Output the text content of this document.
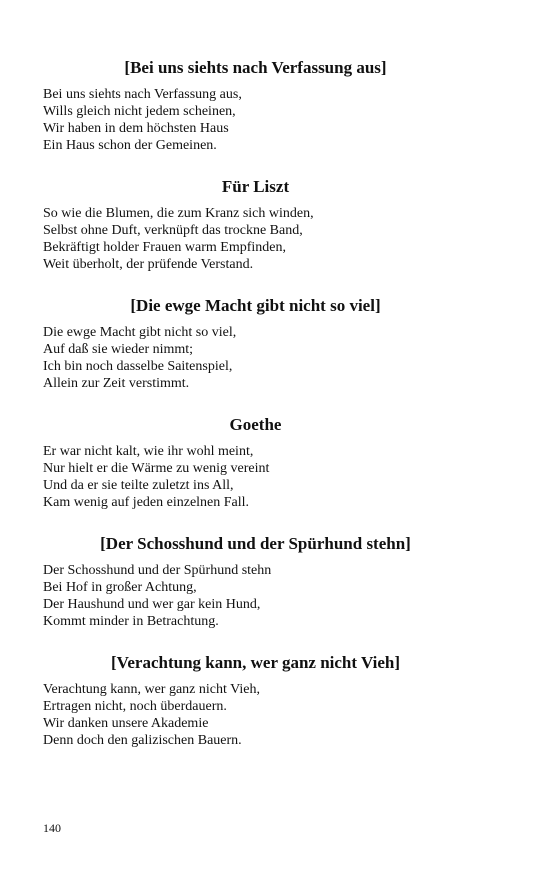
[Bei uns siehts nach Verfassung aus]
Bei uns siehts nach Verfassung aus,
Wills gleich nicht jedem scheinen,
Wir haben in dem höchsten Haus
Ein Haus schon der Gemeinen.
Für Liszt
So wie die Blumen, die zum Kranz sich winden,
Selbst ohne Duft, verknüpft das trockne Band,
Bekräftigt holder Frauen warm Empfinden,
Weit überholt, der prüfende Verstand.
[Die ewge Macht gibt nicht so viel]
Die ewge Macht gibt nicht so viel,
Auf daß sie wieder nimmt;
Ich bin noch dasselbe Saitenspiel,
Allein zur Zeit verstimmt.
Goethe
Er war nicht kalt, wie ihr wohl meint,
Nur hielt er die Wärme zu wenig vereint
Und da er sie teilte zuletzt ins All,
Kam wenig auf jeden einzelnen Fall.
[Der Schosshund und der Spürhund stehn]
Der Schosshund und der Spürhund stehn
Bei Hof in großer Achtung,
Der Haushund und wer gar kein Hund,
Kommt minder in Betrachtung.
[Verachtung kann, wer ganz nicht Vieh]
Verachtung kann, wer ganz nicht Vieh,
Ertragen nicht, noch überdauern.
Wir danken unsere Akademie
Denn doch den galizischen Bauern.
140
